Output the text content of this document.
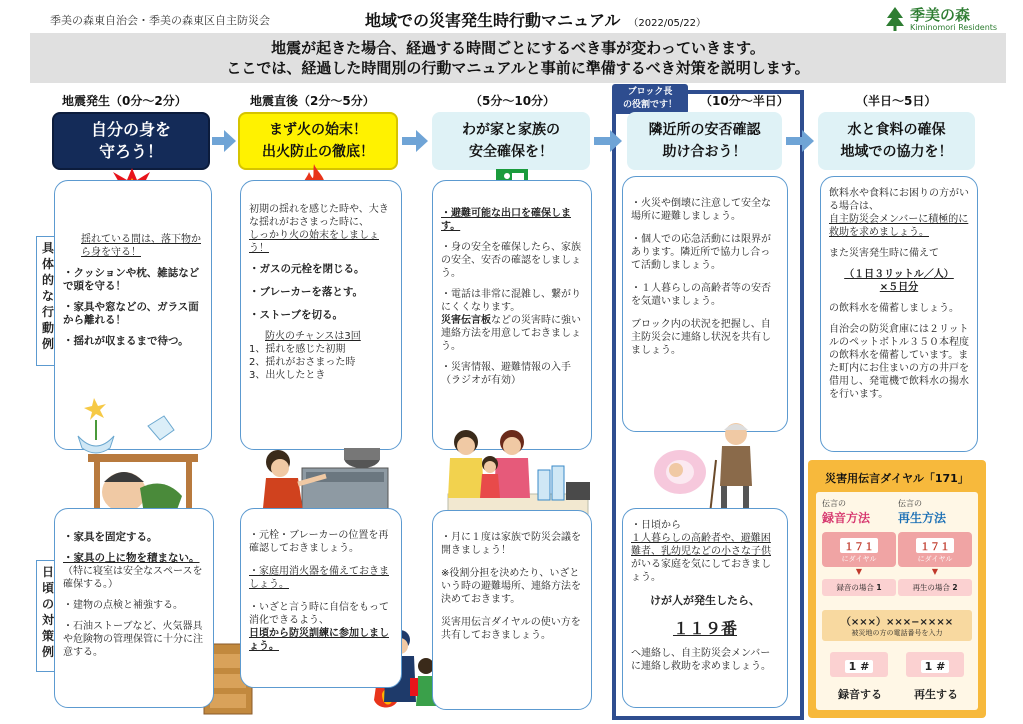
季美の森東自治会・季美の森東区自主防災会	地域での災害発生時行動マニュアル （2022/05/22）	季美の森
Kiminomori Residents
地震が起きた場合、経過する時間ごとにするべき事が変わっていきます。
ここでは、経過した時間別の行動マニュアルと事前に準備するべき対策を説明します。
地震発生（0分〜2分）	地震直後（2分〜5分）	（5分〜10分）	（10分〜半日）	（半日〜5日）
ブロック長
の役割です！
自分の身を
守ろう！
まず火の始末！
出火防止の徹底！
わが家と家族の
安全確保を！
隣近所の安否確認
助け合おう！
水と食料の確保
地域での協力を！
具体的な行動例
日頃の対策例

揺れている間は、落下物から身を守る！

・クッションや枕、雑誌などで頭を守る！

・家具や窓などの、ガラス面から離れる！

・揺れが収まるまで待つ。

初期の揺れを感じた時や、大きな揺れがおさまった時に、

しっかり火の始末をしましょう！

・ガスの元栓を閉じる。

・ブレーカーを落とす。

・ストーブを切る。

防火のチャンスは3回

1、揺れを感じた初期

2、揺れがおさまった時

3、出火したとき

・避難可能な出口を確保します。

・身の安全を確保したら、家族の安全、安否の確認をしましょう。

・電話は非常に混雑し、繋がりにくくなります。

災害伝言板などの災害時に強い連絡方法を用意しておきましょう。

・災害情報、避難情報の入手（ラジオが有効）

・火災や倒壊に注意して安全な場所に避難しましょう。

・個人での応急活動には限界があります。隣近所で協力し合って活動しましょう。

・１人暮らしの高齢者等の安否を気遣いましょう。

ブロック内の状況を把握し、自主防災会に連絡し状況を共有しましょう。

飲料水や食料にお困りの方がいる場合は、

自主防災会メンバーに積極的に救助を求めましょう。

また災害発生時に備えて

（１日３リットル／人）

×５日分

の飲料水を備蓄しましょう。

自治会の防災倉庫には２リットルのペットボトル３５０本程度の飲料水を備蓄しています。また町内にお住まいの方の井戸を借用し、発電機で飲料水の揚水を行います。

・家具を固定する。

・家具の上に物を積まない。

（特に寝室は安全なスペースを確保する。）

・建物の点検と補強する。

・石油ストーブなど、火気器具や危険物の管理保管に十分に注意する。

・元栓・ブレーカーの位置を再確認しておきましょう。

・家庭用消火器を備えておきましょう。

・いざと言う時に自信をもって消化できるよう、

日頃から防災訓練に参加しましょう。

・月に１度は家族で防災会議を開きましょう！

※役割分担を決めたり、いざという時の避難場所、連絡方法を決めておきます。

災害用伝言ダイヤルの使い方を共有しておきましょう。

・日頃から

１人暮らしの高齢者や、避難困難者、乳幼児などの小さな子供

がいる家庭を気にしておきましょう。

けが人が発生したら、

１１９番

へ連絡し、自主防災会メンバーに連絡し救助を求めましょう。

災害用伝言ダイヤル「171」
伝言の
録音方法
１７１
にダイヤル
▼
録音の場合 1
伝言の
再生方法
１７１
にダイヤル
▼
再生の場合 2
（×××）×××−××××
被災地の方の電話番号を入力
1 #	1 #
録音する	再生する
